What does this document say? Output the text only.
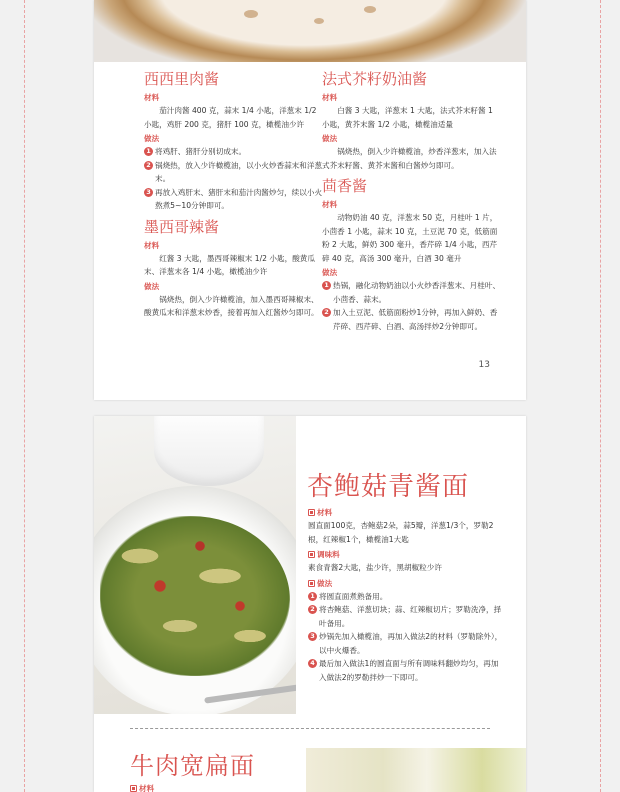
西西里肉酱
材料

茄汁肉酱 400 克，蒜末 1/4 小匙，洋葱末 1/2 小匙，鸡肝 200 克，猪肝 100 克，橄榄油少许

做法
1 将鸡肝、猪肝分别切成末。
2 锅烧热，放入少许橄榄油，以小火炒香蒜末和洋葱末。
3 再放入鸡肝末、猪肝末和茄汁肉酱炒匀，续以小火熬煮5~10分钟即可。
墨西哥辣酱
材料

红酱 3 大匙，墨西哥辣椒末 1/2 小匙，酸黄瓜末、洋葱末各 1/4 小匙，橄榄油少许

做法

锅烧热，倒入少许橄榄油，加入墨西哥辣椒末、酸黄瓜末和洋葱末炒香，接着再加入红酱炒匀即可。

法式芥籽奶油酱
材料

白酱 3 大匙，洋葱末 1 大匙，法式芥末籽酱 1 小匙，黄芥末酱 1/2 小匙，橄榄油适量

做法

锅烧热，倒入少许橄榄油，炒香洋葱末，加入法式芥末籽酱、黄芥末酱和白酱炒匀即可。

茴香酱
材料

动物奶油 40 克，洋葱末 50 克，月桂叶 1 片，小茴香 1 小匙，蒜末 10 克，土豆泥 70 克，低筋面粉 2 大匙，鲜奶 300 毫升，香芹碎 1/4 小匙，西芹碎 40 克，高汤 300 毫升，白酒 30 毫升

做法
1 热锅，融化动物奶油以小火炒香洋葱末、月桂叶、小茴香、蒜末。
2 加入土豆泥、低筋面粉炒1分钟，再加入鲜奶、香芹碎、西芹碎、白酒、高汤拌炒2分钟即可。
13
杏鲍菇青酱面
材料

圆直面100克，杏鲍菇2朵，蒜5瓣，洋葱1/3个，罗勒2根，红辣椒1个，橄榄油1大匙

调味料

素食青酱2大匙，盐少许，黑胡椒粒少许

做法
1 将圆直面煮熟备用。
2 将杏鲍菇、洋葱切块；蒜、红辣椒切片；罗勒洗净，择叶备用。
3 炒锅先加入橄榄油，再加入做法2的材料（罗勒除外），以中火爆香。
4 最后加入做法1的圆直面与所有调味料翻炒均匀，再加入做法2的罗勒拌炒一下即可。
牛肉宽扁面
材料
